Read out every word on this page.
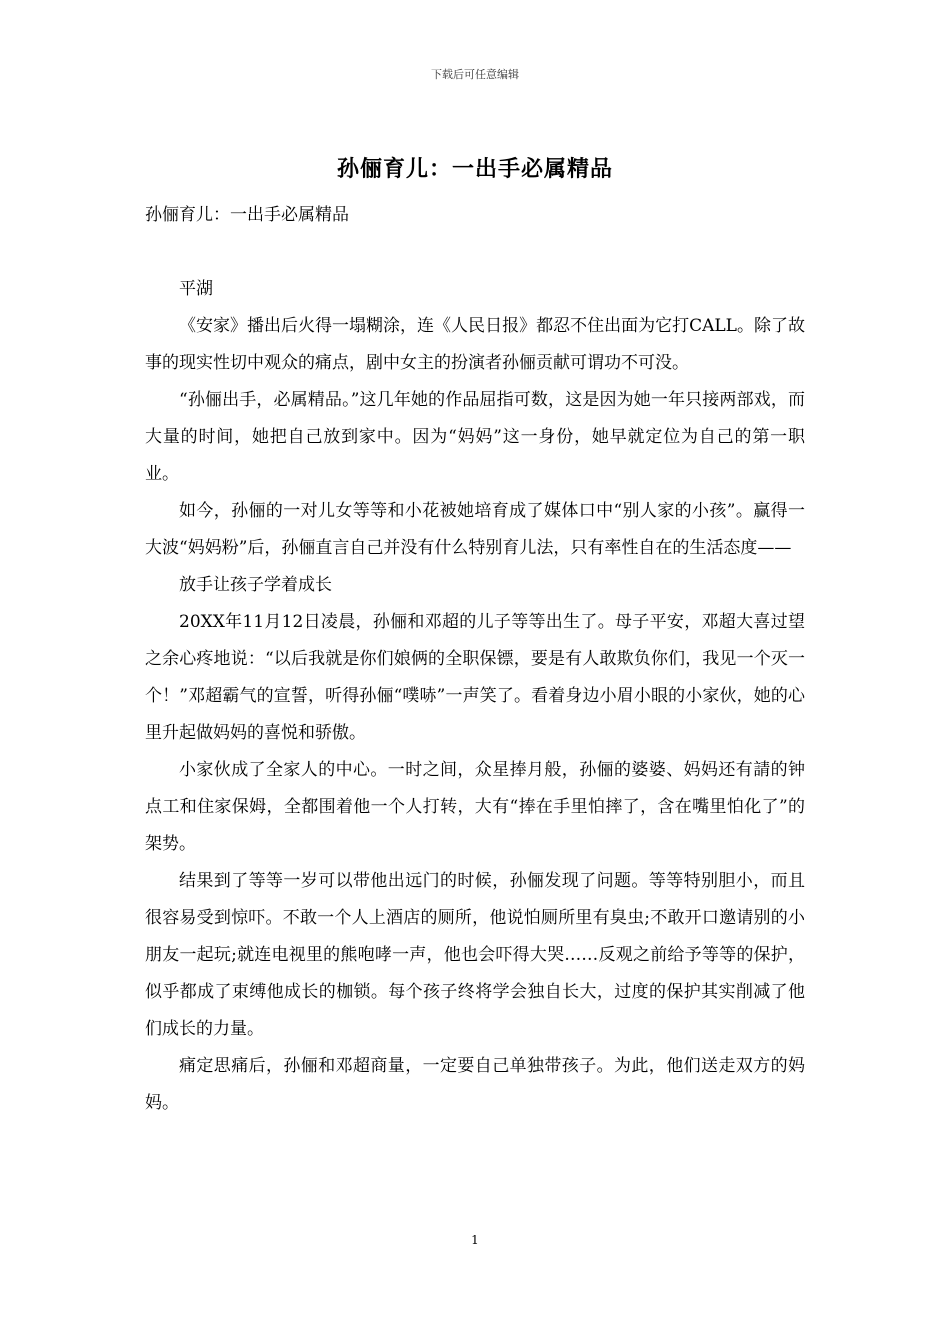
下载后可任意编辑
孙俪育儿：一出手必属精品

孙俪育儿：一出手必属精品

平湖

《安家》播出后火得一塌糊涂，连《人民日报》都忍不住出面为它打CALL。除了故事的现实性切中观众的痛点，剧中女主的扮演者孙俪贡献可谓功不可没。

“孙俪出手，必属精品。”这几年她的作品屈指可数，这是因为她一年只接两部戏，而大量的时间，她把自己放到家中。因为“妈妈”这一身份，她早就定位为自己的第一职业。

如今，孙俪的一对儿女等等和小花被她培育成了媒体口中“别人家的小孩”。赢得一大波“妈妈粉”后，孙俪直言自己并没有什么特别育儿法，只有率性自在的生活态度——

放手让孩子学着成长

20XX年11月12日凌晨，孙俪和邓超的儿子等等出生了。母子平安，邓超大喜过望之余心疼地说：“以后我就是你们娘俩的全职保镖，要是有人敢欺负你们，我见一个灭一个！”邓超霸气的宣誓，听得孙俪“噗哧”一声笑了。看着身边小眉小眼的小家伙，她的心里升起做妈妈的喜悦和骄傲。

小家伙成了全家人的中心。一时之间，众星捧月般，孙俪的婆婆、妈妈还有請的钟点工和住家保姆，全都围着他一个人打转，大有“捧在手里怕摔了，含在嘴里怕化了”的架势。

结果到了等等一岁可以带他出远门的时候，孙俪发现了问题。等等特别胆小，而且很容易受到惊吓。不敢一个人上酒店的厕所，他说怕厕所里有臭虫;不敢开口邀请别的小朋友一起玩;就连电视里的熊咆哮一声，他也会吓得大哭……反观之前给予等等的保护，似乎都成了束缚他成长的枷锁。每个孩子终将学会独自长大，过度的保护其实削减了他们成长的力量。

痛定思痛后，孙俪和邓超商量，一定要自己单独带孩子。为此，他们送走双方的妈妈。

1
